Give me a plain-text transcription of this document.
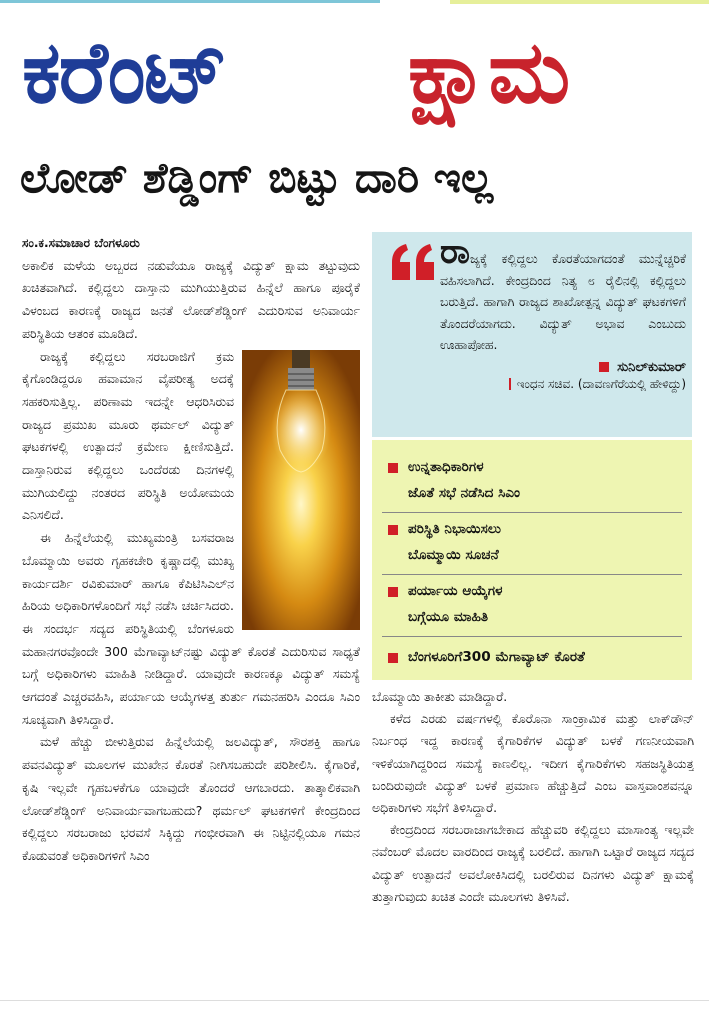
ಕರೆಂಟ್ ಕ್ಷಾಮ
ಲೋಡ್ ಶೆಡ್ಡಿಂಗ್ ಬಿಟ್ಟು ದಾರಿ ಇಲ್ಲ
ಸಂ.ಕ.ಸಮಾಚಾರ ಬೆಂಗಳೂರು

ಅಕಾಲಿಕ ಮಳೆಯ ಅಬ್ಬರದ ನಡುವೆಯೂ ರಾಜ್ಯಕ್ಕೆ ವಿದ್ಯುತ್ ಕ್ಷಾಮ ತಟ್ಟುವುದು ಖಚಿತವಾಗಿದೆ. ಕಲ್ಲಿದ್ದಲು ದಾಸ್ತಾನು ಮುಗಿಯುತ್ತಿರುವ ಹಿನ್ನೆಲೆ ಹಾಗೂ ಪೂರೈಕೆ ವಿಳಂಬದ ಕಾರಣಕ್ಕೆ ರಾಜ್ಯದ ಜನತೆ ಲೋಡ್‌ಶೆಡ್ಡಿಂಗ್ ಎದುರಿಸುವ ಅನಿವಾರ್ಯ ಪರಿಸ್ಥಿತಿಯ ಆತಂಕ ಮೂಡಿದೆ.

ರಾಜ್ಯಕ್ಕೆ ಕಲ್ಲಿದ್ದಲು ಸರಬರಾಜಿಗೆ ಕ್ರಮ ಕೈಗೊಂಡಿದ್ದರೂ ಹವಾಮಾನ ವೈಪರೀತ್ಯ ಅದಕ್ಕೆ ಸಹಕರಿಸುತ್ತಿಲ್ಲ. ಪರಿಣಾಮ ಇದನ್ನೇ ಆಧರಿಸಿರುವ ರಾಜ್ಯದ ಪ್ರಮುಖ ಮೂರು ಥರ್ಮಲ್ ವಿದ್ಯುತ್ ಘಟಕಗಳಲ್ಲಿ ಉತ್ಪಾದನೆ ಕ್ರಮೇಣ ಕ್ಷೀಣಿಸುತ್ತಿದೆ. ದಾಸ್ತಾನಿರುವ ಕಲ್ಲಿದ್ದಲು ಒಂದೆರಡು ದಿನಗಳಲ್ಲಿ ಮುಗಿಯಲಿದ್ದು ನಂತರದ ಪರಿಸ್ಥಿತಿ ಅಯೋಮಯ ಎನಿಸಲಿದೆ.

ಈ ಹಿನ್ನೆಲೆಯಲ್ಲಿ ಮುಖ್ಯಮಂತ್ರಿ ಬಸವರಾಜ ಬೊಮ್ಮಾಯಿ ಅವರು ಗೃಹಕಚೇರಿ ಕೃಷ್ಣಾದಲ್ಲಿ ಮುಖ್ಯ ಕಾರ್ಯದರ್ಶಿ ರವಿಕುಮಾರ್ ಹಾಗೂ ಕೆಪಿಟಿಸಿಎಲ್‌ನ ಹಿರಿಯ ಅಧಿಕಾರಿಗಳೊಂದಿಗೆ ಸಭೆ ನಡೆಸಿ ಚರ್ಚಿಸಿದರು. ಈ ಸಂದರ್ಭ ಸದ್ಯದ ಪರಿಸ್ಥಿತಿಯಲ್ಲಿ ಬೆಂಗಳೂರು ಮಹಾನಗರವೊಂದೇ 300 ಮೆಗಾವ್ಯಾಟ್‌ನಷ್ಟು ವಿದ್ಯುತ್ ಕೊರತೆ ಎದುರಿಸುವ ಸಾಧ್ಯತೆ ಬಗ್ಗೆ ಅಧಿಕಾರಿಗಳು ಮಾಹಿತಿ ನೀಡಿದ್ದಾರೆ. ಯಾವುದೇ ಕಾರಣಕ್ಕೂ ವಿದ್ಯುತ್ ಸಮಸ್ಯೆ ಆಗದಂತೆ ಎಚ್ಚರವಹಿಸಿ, ಪರ್ಯಾಯ ಆಯ್ಕೆಗಳತ್ತ ತುರ್ತು ಗಮನಹರಿಸಿ ಎಂದೂ ಸಿಎಂ ಸೂಚ್ಯವಾಗಿ ತಿಳಿಸಿದ್ದಾರೆ.

ಮಳೆ ಹೆಚ್ಚು ಬೀಳುತ್ತಿರುವ ಹಿನ್ನೆಲೆಯಲ್ಲಿ ಜಲವಿದ್ಯುತ್, ಸೌರಶಕ್ತಿ ಹಾಗೂ ಪವನವಿದ್ಯುತ್ ಮೂಲಗಳ ಮುಖೇನ ಕೊರತೆ ನೀಗಿಸಬಹುದೇ ಪರಿಶೀಲಿಸಿ. ಕೈಗಾರಿಕೆ, ಕೃಷಿ ಇಲ್ಲವೇ ಗೃಹಬಳಕೆಗೂ ಯಾವುದೇ ತೊಂದರೆ ಆಗಬಾರದು. ತಾತ್ಕಾಲಿಕವಾಗಿ ಲೋಡ್‌ಶೆಡ್ಡಿಂಗ್ ಅನಿವಾರ್ಯವಾಗಬಹುದು? ಥರ್ಮಲ್ ಘಟಕಗಳಿಗೆ ಕೇಂದ್ರದಿಂದ ಕಲ್ಲಿದ್ದಲು ಸರಬರಾಜು ಭರವಸೆ ಸಿಕ್ಕಿದ್ದು ಗಂಭೀರವಾಗಿ ಈ ನಿಟ್ಟಿನಲ್ಲಿಯೂ ಗಮನ ಕೊಡುವಂತೆ ಅಧಿಕಾರಿಗಳಿಗೆ ಸಿಎಂ

ರಾಜ್ಯಕ್ಕೆ ಕಲ್ಲಿದ್ದಲು ಕೊರತೆಯಾಗದಂತೆ ಮುನ್ನೆಚ್ಚರಿಕೆ ವಹಿಸಲಾಗಿದೆ. ಕೇಂದ್ರದಿಂದ ನಿತ್ಯ ೮ ರೈಲಿನಲ್ಲಿ ಕಲ್ಲಿದ್ದಲು ಬರುತ್ತಿದೆ. ಹಾಗಾಗಿ ರಾಜ್ಯದ ಶಾಖೋತ್ಪನ್ನ ವಿದ್ಯುತ್ ಘಟಕಗಳಿಗೆ ತೊಂದರೆಯಾಗದು. ವಿದ್ಯುತ್ ಅಭಾವ ಎಂಬುದು ಊಹಾಪೋಹ.
ಸುನಿಲ್‌ಕುಮಾರ್
ಇಂಧನ ಸಚಿವ. (ದಾವಣಗೆರೆಯಲ್ಲಿ ಹೇಳಿದ್ದು)
ಉನ್ನತಾಧಿಕಾರಿಗಳ
ಜೊತೆ ಸಭೆ ನಡೆಸಿದ ಸಿಎಂ
ಪರಿಸ್ಥಿತಿ ನಿಭಾಯಿಸಲು
ಬೊಮ್ಮಾಯಿ ಸೂಚನೆ
ಪರ್ಯಾಯ ಆಯ್ಕೆಗಳ
ಬಗ್ಗೆಯೂ ಮಾಹಿತಿ
ಬೆಂಗಳೂರಿಗೆ300 ಮೆಗಾವ್ಯಾಟ್ ಕೊರತೆ

ಬೊಮ್ಮಾಯಿ ತಾಕೀತು ಮಾಡಿದ್ದಾರೆ.

ಕಳೆದ ಎರಡು ವರ್ಷಗಳಲ್ಲಿ ಕೊರೊನಾ ಸಾಂಕ್ರಾಮಿಕ ಮತ್ತು ಲಾಕ್‌ಡೌನ್ ನಿರ್ಬಂಧ ಇದ್ದ ಕಾರಣಕ್ಕೆ ಕೈಗಾರಿಕೆಗಳ ವಿದ್ಯುತ್ ಬಳಕೆ ಗಣನೀಯವಾಗಿ ಇಳಿಕೆಯಾಗಿದ್ದರಿಂದ ಸಮಸ್ಯೆ ಕಾಣಲಿಲ್ಲ. ಇದೀಗ ಕೈಗಾರಿಕೆಗಳು ಸಹಜಸ್ಥಿತಿಯತ್ತ ಬಂದಿರುವುದೇ ವಿದ್ಯುತ್ ಬಳಕೆ ಪ್ರಮಾಣ ಹೆಚ್ಚುತ್ತಿದೆ ಎಂಬ ವಾಸ್ತವಾಂಶವನ್ನೂ ಅಧಿಕಾರಿಗಳು ಸಭೆಗೆ ತಿಳಿಸಿದ್ದಾರೆ.

ಕೇಂದ್ರದಿಂದ ಸರಬರಾಜಾಗಬೇಕಾದ ಹೆಚ್ಚುವರಿ ಕಲ್ಲಿದ್ದಲು ಮಾಸಾಂತ್ಯ ಇಲ್ಲವೇ ನವೆಂಬರ್ ಮೊದಲ ವಾರದಿಂದ ರಾಜ್ಯಕ್ಕೆ ಬರಲಿದೆ. ಹಾಗಾಗಿ ಒಟ್ಟಾರೆ ರಾಜ್ಯದ ಸದ್ಯದ ವಿದ್ಯುತ್ ಉತ್ಪಾದನೆ ಅವಲೋಕಿಸಿದಲ್ಲಿ ಬರಲಿರುವ ದಿನಗಳು ವಿದ್ಯುತ್ ಕ್ಷಾಮಕ್ಕೆ ತುತ್ತಾಗುವುದು ಖಚಿತ ಎಂದೇ ಮೂಲಗಳು ತಿಳಿಸಿವೆ.
